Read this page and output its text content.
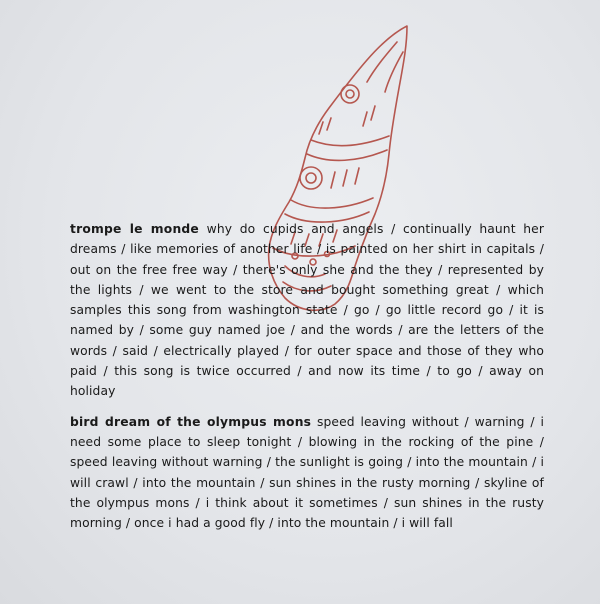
trompe le monde why do cupids and angels / continually haunt her dreams / like memories of another life / is painted on her shirt in capitals / out on the free free way / there's only she and the they / represented by the lights / we went to the store and bought something great / which samples this song from washington state / go / go little record go / it is named by / some guy named joe / and the words / are the letters of the words / said / electrically played / for outer space and those of they who paid / this song is twice occurred / and now its time / to go / away on holiday

bird dream of the olympus mons speed leaving without / warning / i need some place to sleep tonight / blowing in the rocking of the pine / speed leaving without warning / the sunlight is going / into the mountain / i will crawl / into the mountain / sun shines in the rusty morning / skyline of the olympus mons / i think about it sometimes / sun shines in the rusty morning / once i had a good fly / into the mountain / i will fall
